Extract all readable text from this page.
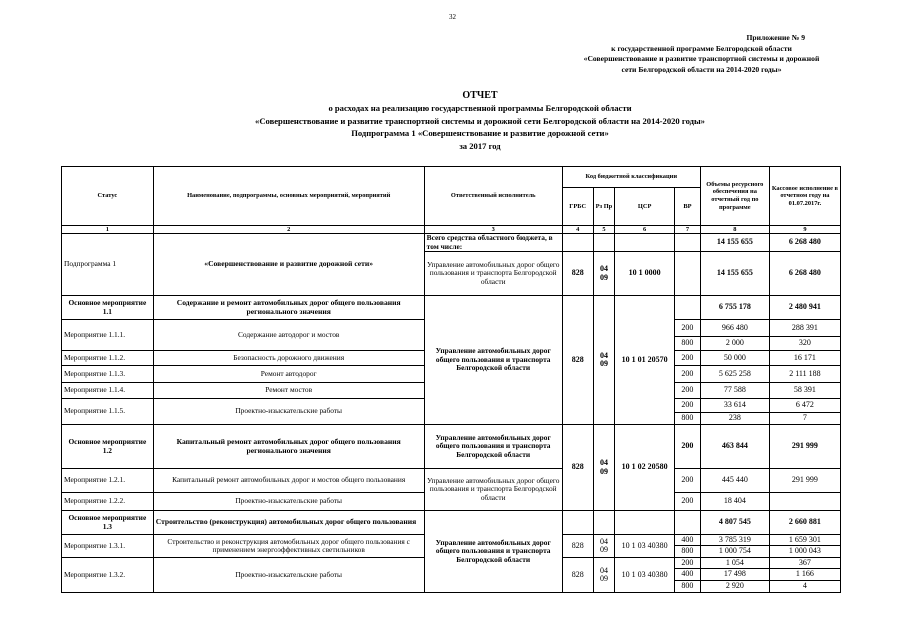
32
Приложение № 9
к государственной программе Белгородской области
«Совершенствование и развитие транспортной системы и дорожной
сети Белгородской области на 2014-2020 годы»
ОТЧЕТ
о расходах на реализацию государственной программы Белгородской области
«Совершенствование и развитие транспортной системы и дорожной сети Белгородской области на 2014-2020 годы»
Подпрограмма 1 «Совершенствование и развитие дорожной сети»
за 2017 год
Статус	Наименование, подпрограммы, основных мероприятий, мероприятий	Ответственный исполнитель	Код бюджетной классификации				Объемы ресурсного обеспечения на отчетный год по программе	Кассовое исполнение в отчетном году на 01.07.2017г.
			ГРБС	Рз Пр	ЦСР	ВР		
1	2	3	4	5	6	7	8	9
Подпрограмма 1	«Совершенствование и развитие дорожной сети»	Всего средства областного бюджета, в том числе:					14 155 655	6 268 480
		Управление автомобильных дорог общего пользования и транспорта Белгородской области	828	04 09	10 1 0000		14 155 655	6 268 480
Основное мероприятие 1.1	Содержание и ремонт автомобильных дорог общего пользования регионального значения	Управление автомобильных дорог общего пользования и транспорта Белгородской области	828	04 09	10 1 01 20570		6 755 178	2 480 941
Мероприятие 1.1.1.	Содержание автодорог и мостов					200	966 480	288 391
						800	2 000	320
Мероприятие 1.1.2.	Безопасность дорожного движения					200	50 000	16 171
Мероприятие 1.1.3.	Ремонт автодорог					200	5 625 258	2 111 188
Мероприятие 1.1.4.	Ремонт мостов					200	77 588	58 391
Мероприятие 1.1.5.	Проектно-изыскательские работы					200	33 614	6 472
						800	238	7
Основное мероприятие 1.2	Капитальный ремонт автомобильных дорог общего пользования регионального значения	Управление автомобильных дорог общего пользования и транспорта Белгородской области	828	04 09	10 1 02 20580	200	463 844	291 999
Мероприятие 1.2.1.	Капитальный ремонт автомобильных дорог и мостов общего пользования	Управление автомобильных дорог общего пользования и транспорта Белгородской области				200	445 440	291 999
Мероприятие 1.2.2.	Проектно-изыскательские работы					200	18 404	
Основное мероприятие 1.3	Строительство (реконструкция) автомобильных дорог общего пользования	Управление автомобильных дорог общего пользования и транспорта Белгородской области					4 807 545	2 660 881
Мероприятие 1.3.1.	Строительство и реконструкция автомобильных дорог общего пользования с применением энергоэффективных светильников		828	04 09	10 1 03 40380	400	3 785 319	1 659 301
						800	1 000 754	1 000 043
Мероприятие 1.3.2.	Проектно-изыскательские работы		828	04 09	10 1 03 40380	200	1 054	367
						400	17 498	1 166
						800	2 920	4
